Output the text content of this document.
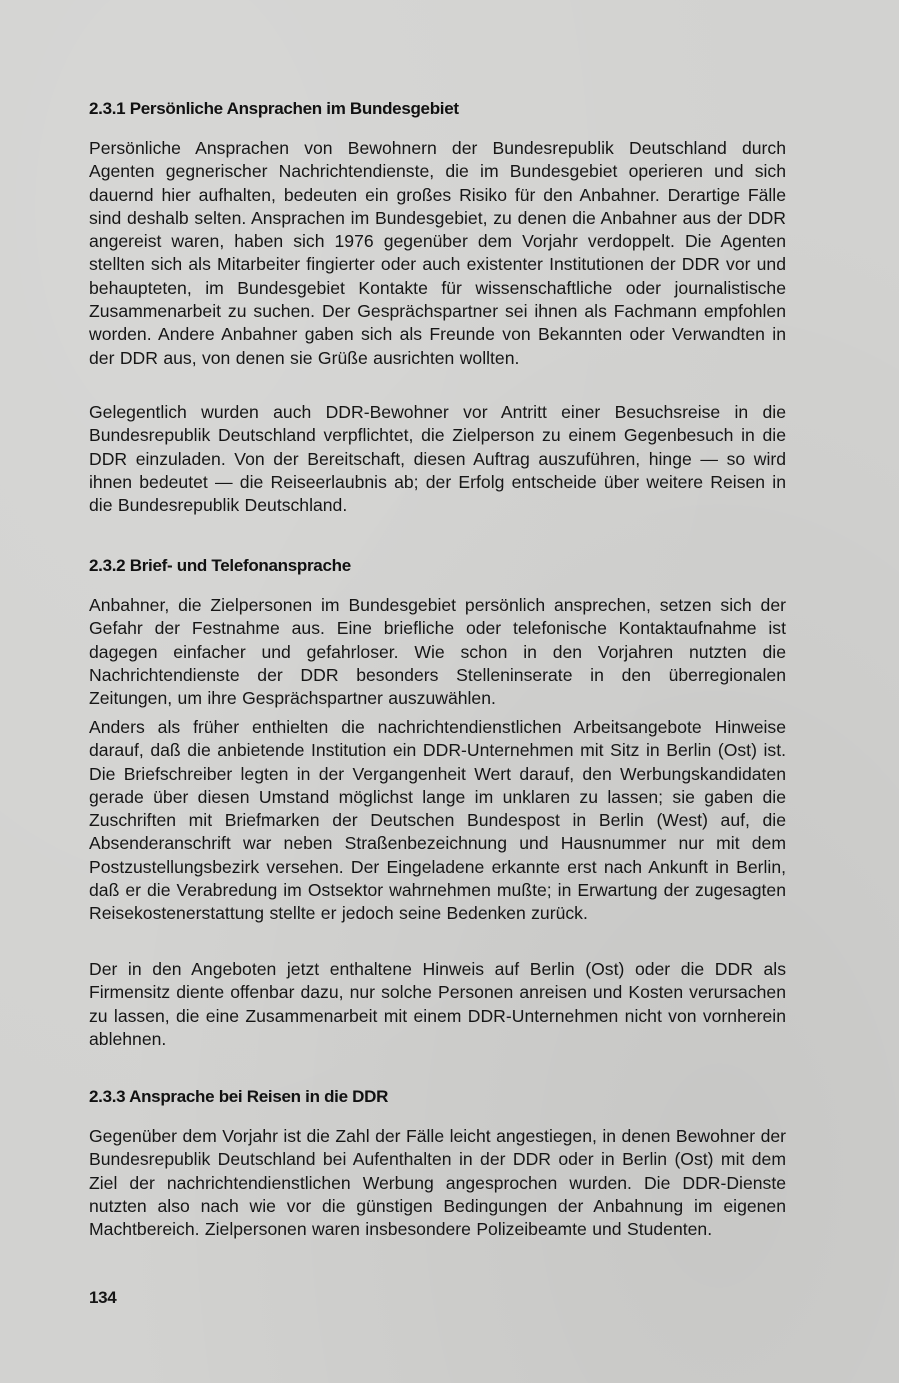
2.3.1 Persönliche Ansprachen im Bundesgebiet

Persönliche Ansprachen von Bewohnern der Bundesrepublik Deutschland durch Agenten gegnerischer Nachrichtendienste, die im Bundesgebiet operieren und sich dauernd hier aufhalten, bedeuten ein großes Risiko für den Anbahner. Derartige Fälle sind deshalb selten. Ansprachen im Bundesgebiet, zu denen die Anbahner aus der DDR angereist waren, haben sich 1976 gegenüber dem Vorjahr verdoppelt. Die Agenten stellten sich als Mitarbeiter fingierter oder auch existenter Institutionen der DDR vor und behaupteten, im Bundesgebiet Kontakte für wissenschaftliche oder journalistische Zusammenarbeit zu suchen. Der Gesprächspartner sei ihnen als Fachmann empfohlen worden. Andere Anbahner gaben sich als Freunde von Bekannten oder Verwandten in der DDR aus, von denen sie Grüße ausrichten wollten.

Gelegentlich wurden auch DDR-Bewohner vor Antritt einer Besuchsreise in die Bundesrepublik Deutschland verpflichtet, die Zielperson zu einem Gegenbesuch in die DDR einzuladen. Von der Bereitschaft, diesen Auftrag auszuführen, hinge — so wird ihnen bedeutet — die Reiseerlaubnis ab; der Erfolg entscheide über weitere Reisen in die Bundesrepublik Deutschland.

2.3.2 Brief- und Telefonansprache

Anbahner, die Zielpersonen im Bundesgebiet persönlich ansprechen, setzen sich der Gefahr der Festnahme aus. Eine briefliche oder telefonische Kontaktaufnahme ist dagegen einfacher und gefahrloser. Wie schon in den Vorjahren nutzten die Nachrichtendienste der DDR besonders Stelleninserate in den überregionalen Zeitungen, um ihre Gesprächspartner auszuwählen.

Anders als früher enthielten die nachrichtendienstlichen Arbeitsangebote Hinweise darauf, daß die anbietende Institution ein DDR-Unternehmen mit Sitz in Berlin (Ost) ist. Die Briefschreiber legten in der Vergangenheit Wert darauf, den Werbungskandidaten gerade über diesen Umstand möglichst lange im unklaren zu lassen; sie gaben die Zuschriften mit Briefmarken der Deutschen Bundespost in Berlin (West) auf, die Absenderanschrift war neben Straßenbezeichnung und Hausnummer nur mit dem Postzustellungsbezirk versehen. Der Eingeladene erkannte erst nach Ankunft in Berlin, daß er die Verabredung im Ostsektor wahrnehmen mußte; in Erwartung der zugesagten Reisekostenerstattung stellte er jedoch seine Bedenken zurück.

Der in den Angeboten jetzt enthaltene Hinweis auf Berlin (Ost) oder die DDR als Firmensitz diente offenbar dazu, nur solche Personen anreisen und Kosten verursachen zu lassen, die eine Zusammenarbeit mit einem DDR-Unternehmen nicht von vornherein ablehnen.

2.3.3 Ansprache bei Reisen in die DDR

Gegenüber dem Vorjahr ist die Zahl der Fälle leicht angestiegen, in denen Bewohner der Bundesrepublik Deutschland bei Aufenthalten in der DDR oder in Berlin (Ost) mit dem Ziel der nachrichtendienstlichen Werbung angesprochen wurden. Die DDR-Dienste nutzten also nach wie vor die günstigen Bedingungen der Anbahnung im eigenen Machtbereich. Zielpersonen waren insbesondere Polizeibeamte und Studenten.

134
